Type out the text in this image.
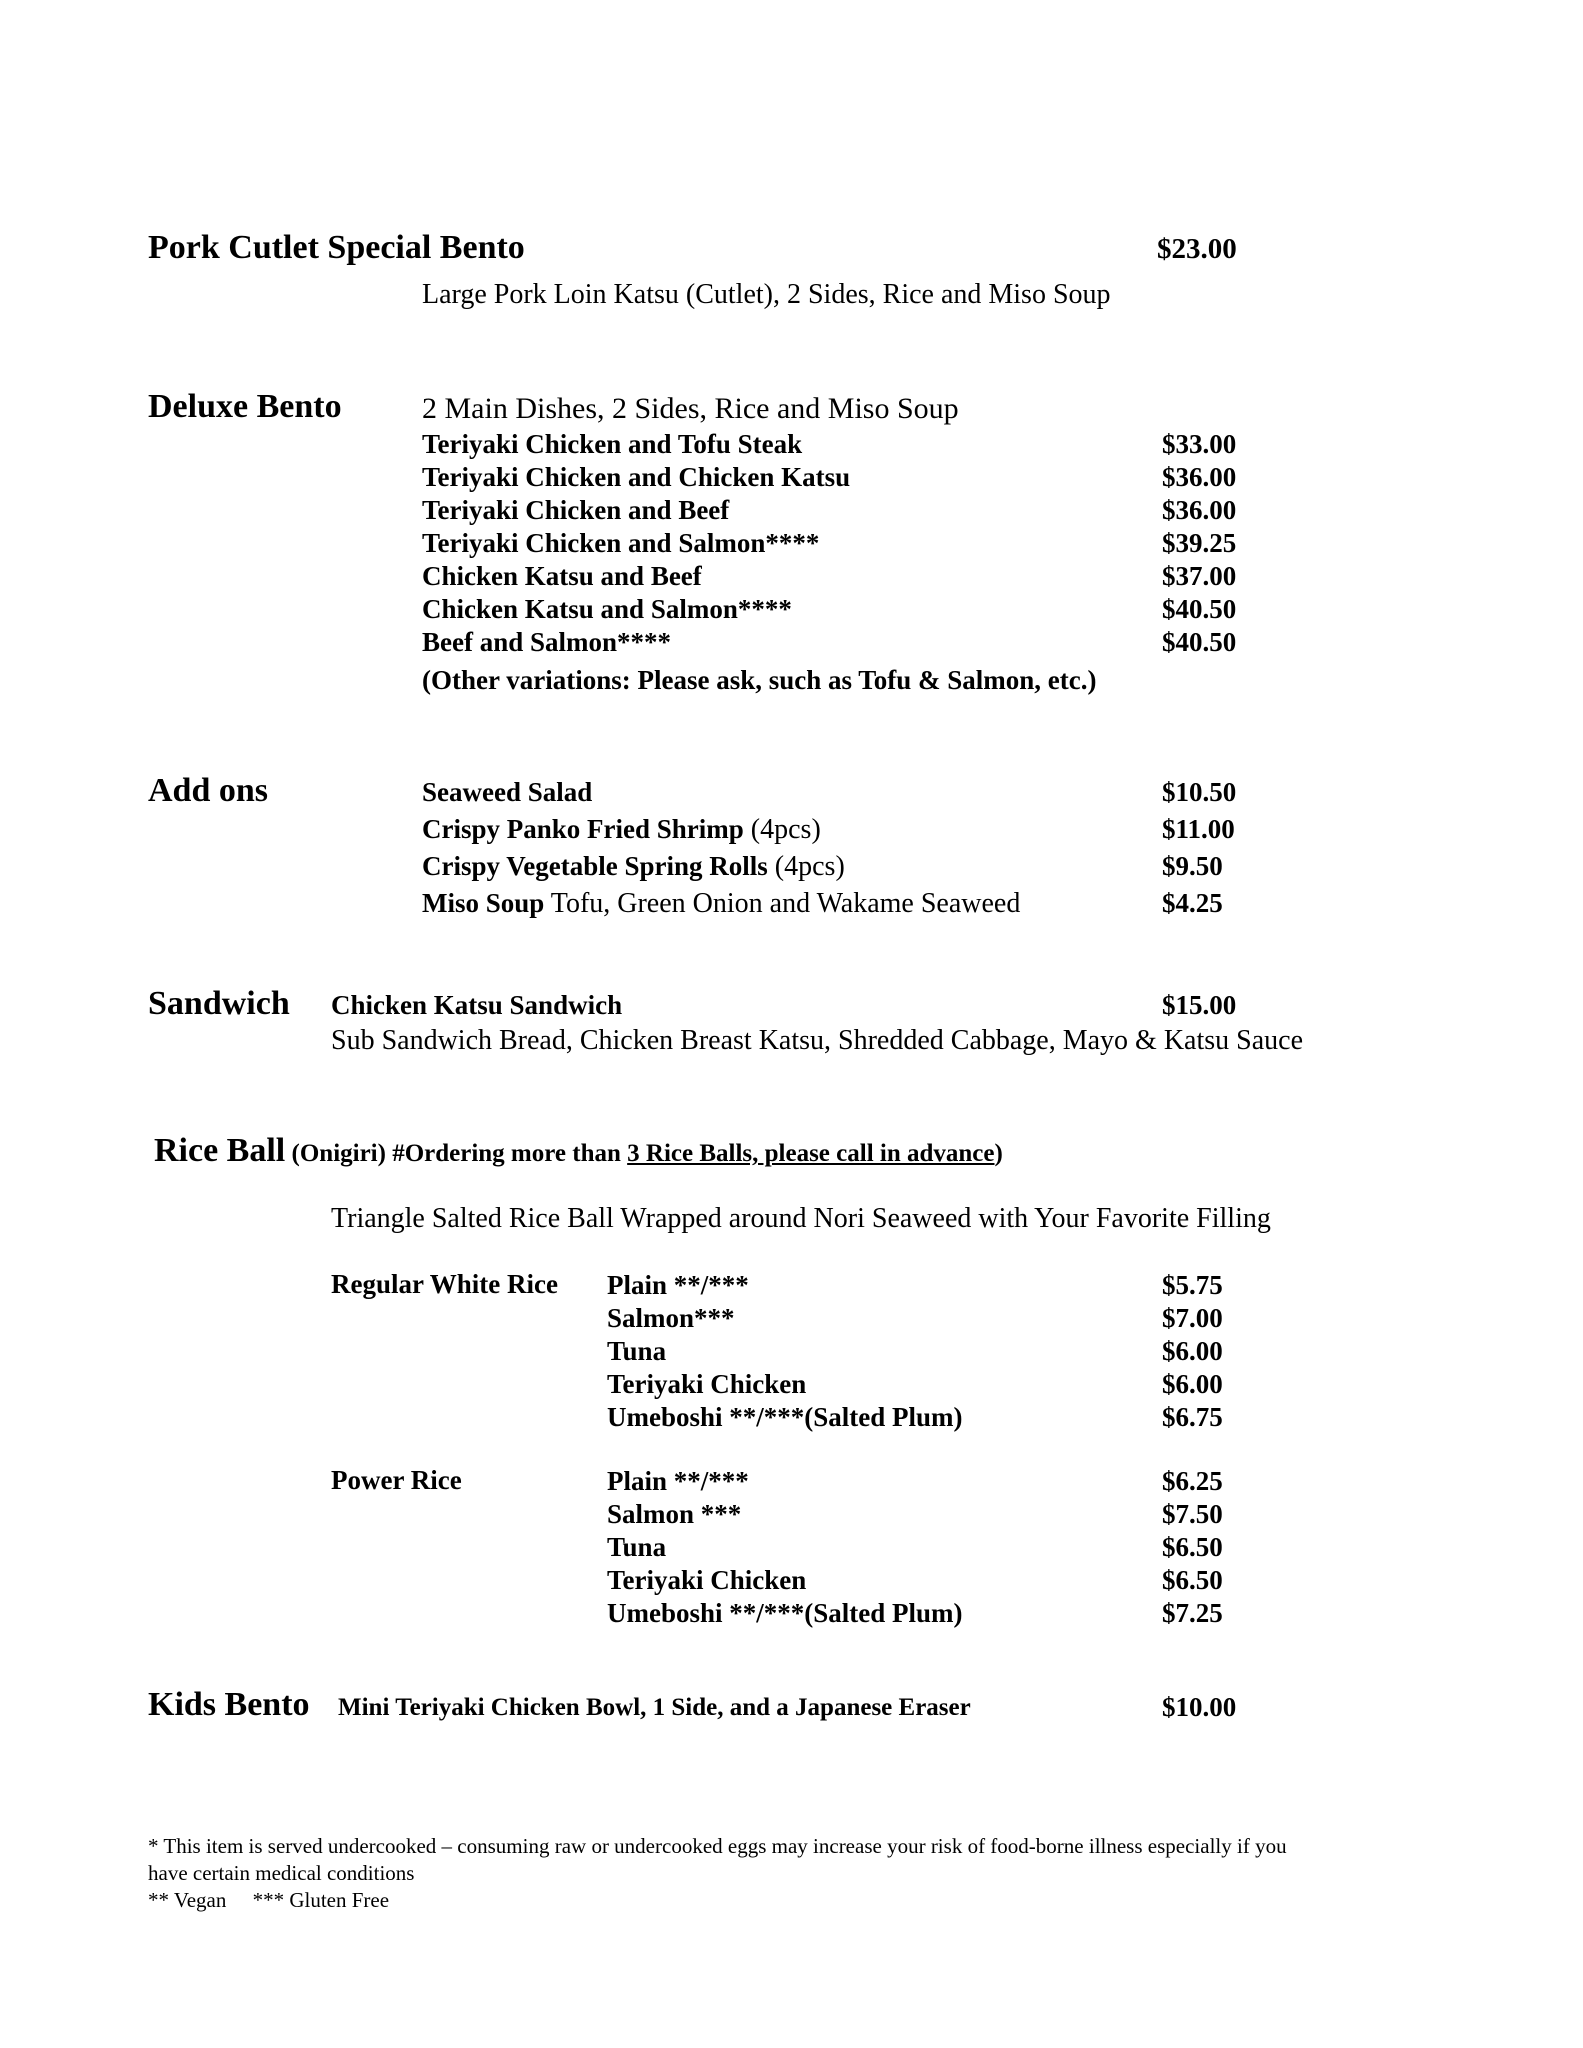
Pork Cutlet Special Bento	$23.00
Large Pork Loin Katsu (Cutlet), 2 Sides, Rice and Miso Soup
Deluxe Bento	2 Main Dishes, 2 Sides, Rice and Miso Soup
Teriyaki Chicken and Tofu Steak	$33.00
Teriyaki Chicken and Chicken Katsu	$36.00
Teriyaki Chicken and Beef	$36.00
Teriyaki Chicken and Salmon****	$39.25
Chicken Katsu and Beef	$37.00
Chicken Katsu and Salmon****	$40.50
Beef and Salmon****	$40.50
(Other variations: Please ask, such as Tofu & Salmon, etc.)
Add ons	Seaweed Salad	$10.50
Crispy Panko Fried Shrimp (4pcs)	$11.00
Crispy Vegetable Spring Rolls (4pcs)	$9.50
Miso Soup Tofu, Green Onion and Wakame Seaweed	$4.25
Sandwich Chicken Katsu Sandwich	$15.00
Sub Sandwich Bread, Chicken Breast Katsu, Shredded Cabbage, Mayo & Katsu Sauce
Rice Ball (Onigiri) #Ordering more than 3 Rice Balls, please call in advance)
Triangle Salted Rice Ball Wrapped around Nori Seaweed with Your Favorite Filling
Regular White Rice Plain **/***	$5.75
Salmon***	$7.00
Tuna	$6.00
Teriyaki Chicken	$6.00
Umeboshi **/***(Salted Plum)	$6.75
Power Rice	Plain **/***	$6.25
Salmon ***	$7.50
Tuna	$6.50
Teriyaki Chicken	$6.50
Umeboshi **/***(Salted Plum)	$7.25
Kids Bento Mini Teriyaki Chicken Bowl, 1 Side, and a Japanese Eraser	$10.00
* This item is served undercooked – consuming raw or undercooked eggs may increase your risk of food-borne illness especially if you
have certain medical conditions
** Vegan     *** Gluten Free
